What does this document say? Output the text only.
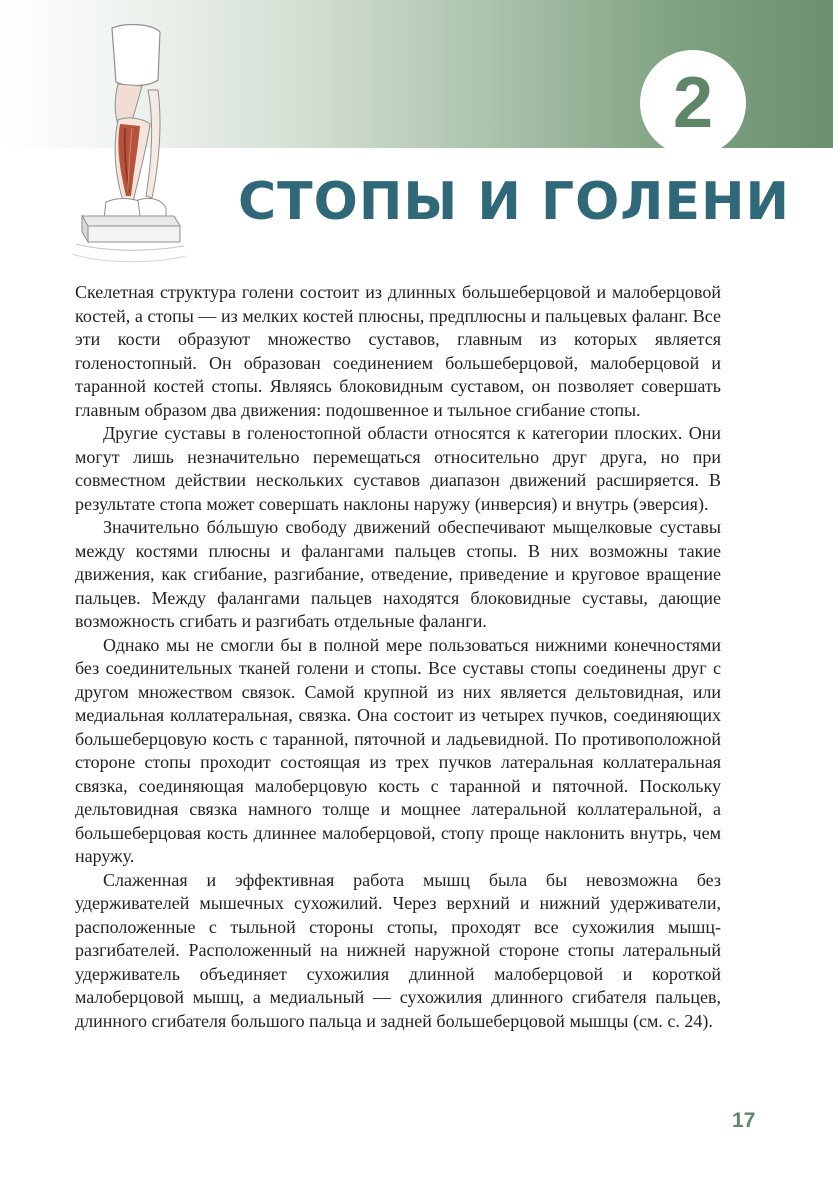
2
СТОПЫ И ГОЛЕНИ

Скелетная структура голени состоит из длинных большеберцовой и малоберцовой костей, а стопы — из мелких костей плюсны, предплюсны и пальцевых фаланг. Все эти кости образуют множество суставов, главным из которых является голеностопный. Он образован соединением большеберцовой, малоберцовой и таранной костей стопы. Являясь блоковидным суставом, он позволяет совершать главным образом два движения: подошвенное и тыльное сгибание стопы.

Другие суставы в голеностопной области относятся к категории плоских. Они могут лишь незначительно перемещаться относительно друг друга, но при совместном действии нескольких суставов диапазон движений расширяется. В результате стопа может совершать наклоны наружу (инверсия) и внутрь (эверсия).

Значительно бóльшую свободу движений обеспечивают мыщелковые суставы между костями плюсны и фалангами пальцев стопы. В них возможны такие движения, как сгибание, разгибание, отведение, приведение и круговое вращение пальцев. Между фалангами пальцев находятся блоковидные суставы, дающие возможность сгибать и разгибать отдельные фаланги.

Однако мы не смогли бы в полной мере пользоваться нижними конечностями без соединительных тканей голени и стопы. Все суставы стопы соединены друг с другом множеством связок. Самой крупной из них является дельтовидная, или медиальная коллатеральная, связка. Она состоит из четырех пучков, соединяющих большеберцовую кость с таранной, пяточной и ладьевидной. По противоположной стороне стопы проходит состоящая из трех пучков латеральная коллатеральная связка, соединяющая малоберцовую кость с таранной и пяточной. Поскольку дельтовидная связка намного толще и мощнее латеральной коллатеральной, а большеберцовая кость длиннее малоберцовой, стопу проще наклонить внутрь, чем наружу.

Слаженная и эффективная работа мышц была бы невозможна без удерживателей мышечных сухожилий. Через верхний и нижний удерживатели, расположенные с тыльной стороны стопы, проходят все сухожилия мышц-разгибателей. Расположенный на нижней наружной стороне стопы латеральный удерживатель объединяет сухожилия длинной малоберцовой и короткой малоберцовой мышц, а медиальный — сухожилия длинного сгибателя пальцев, длинного сгибателя большого пальца и задней большеберцовой мышцы (см. с. 24).

17
